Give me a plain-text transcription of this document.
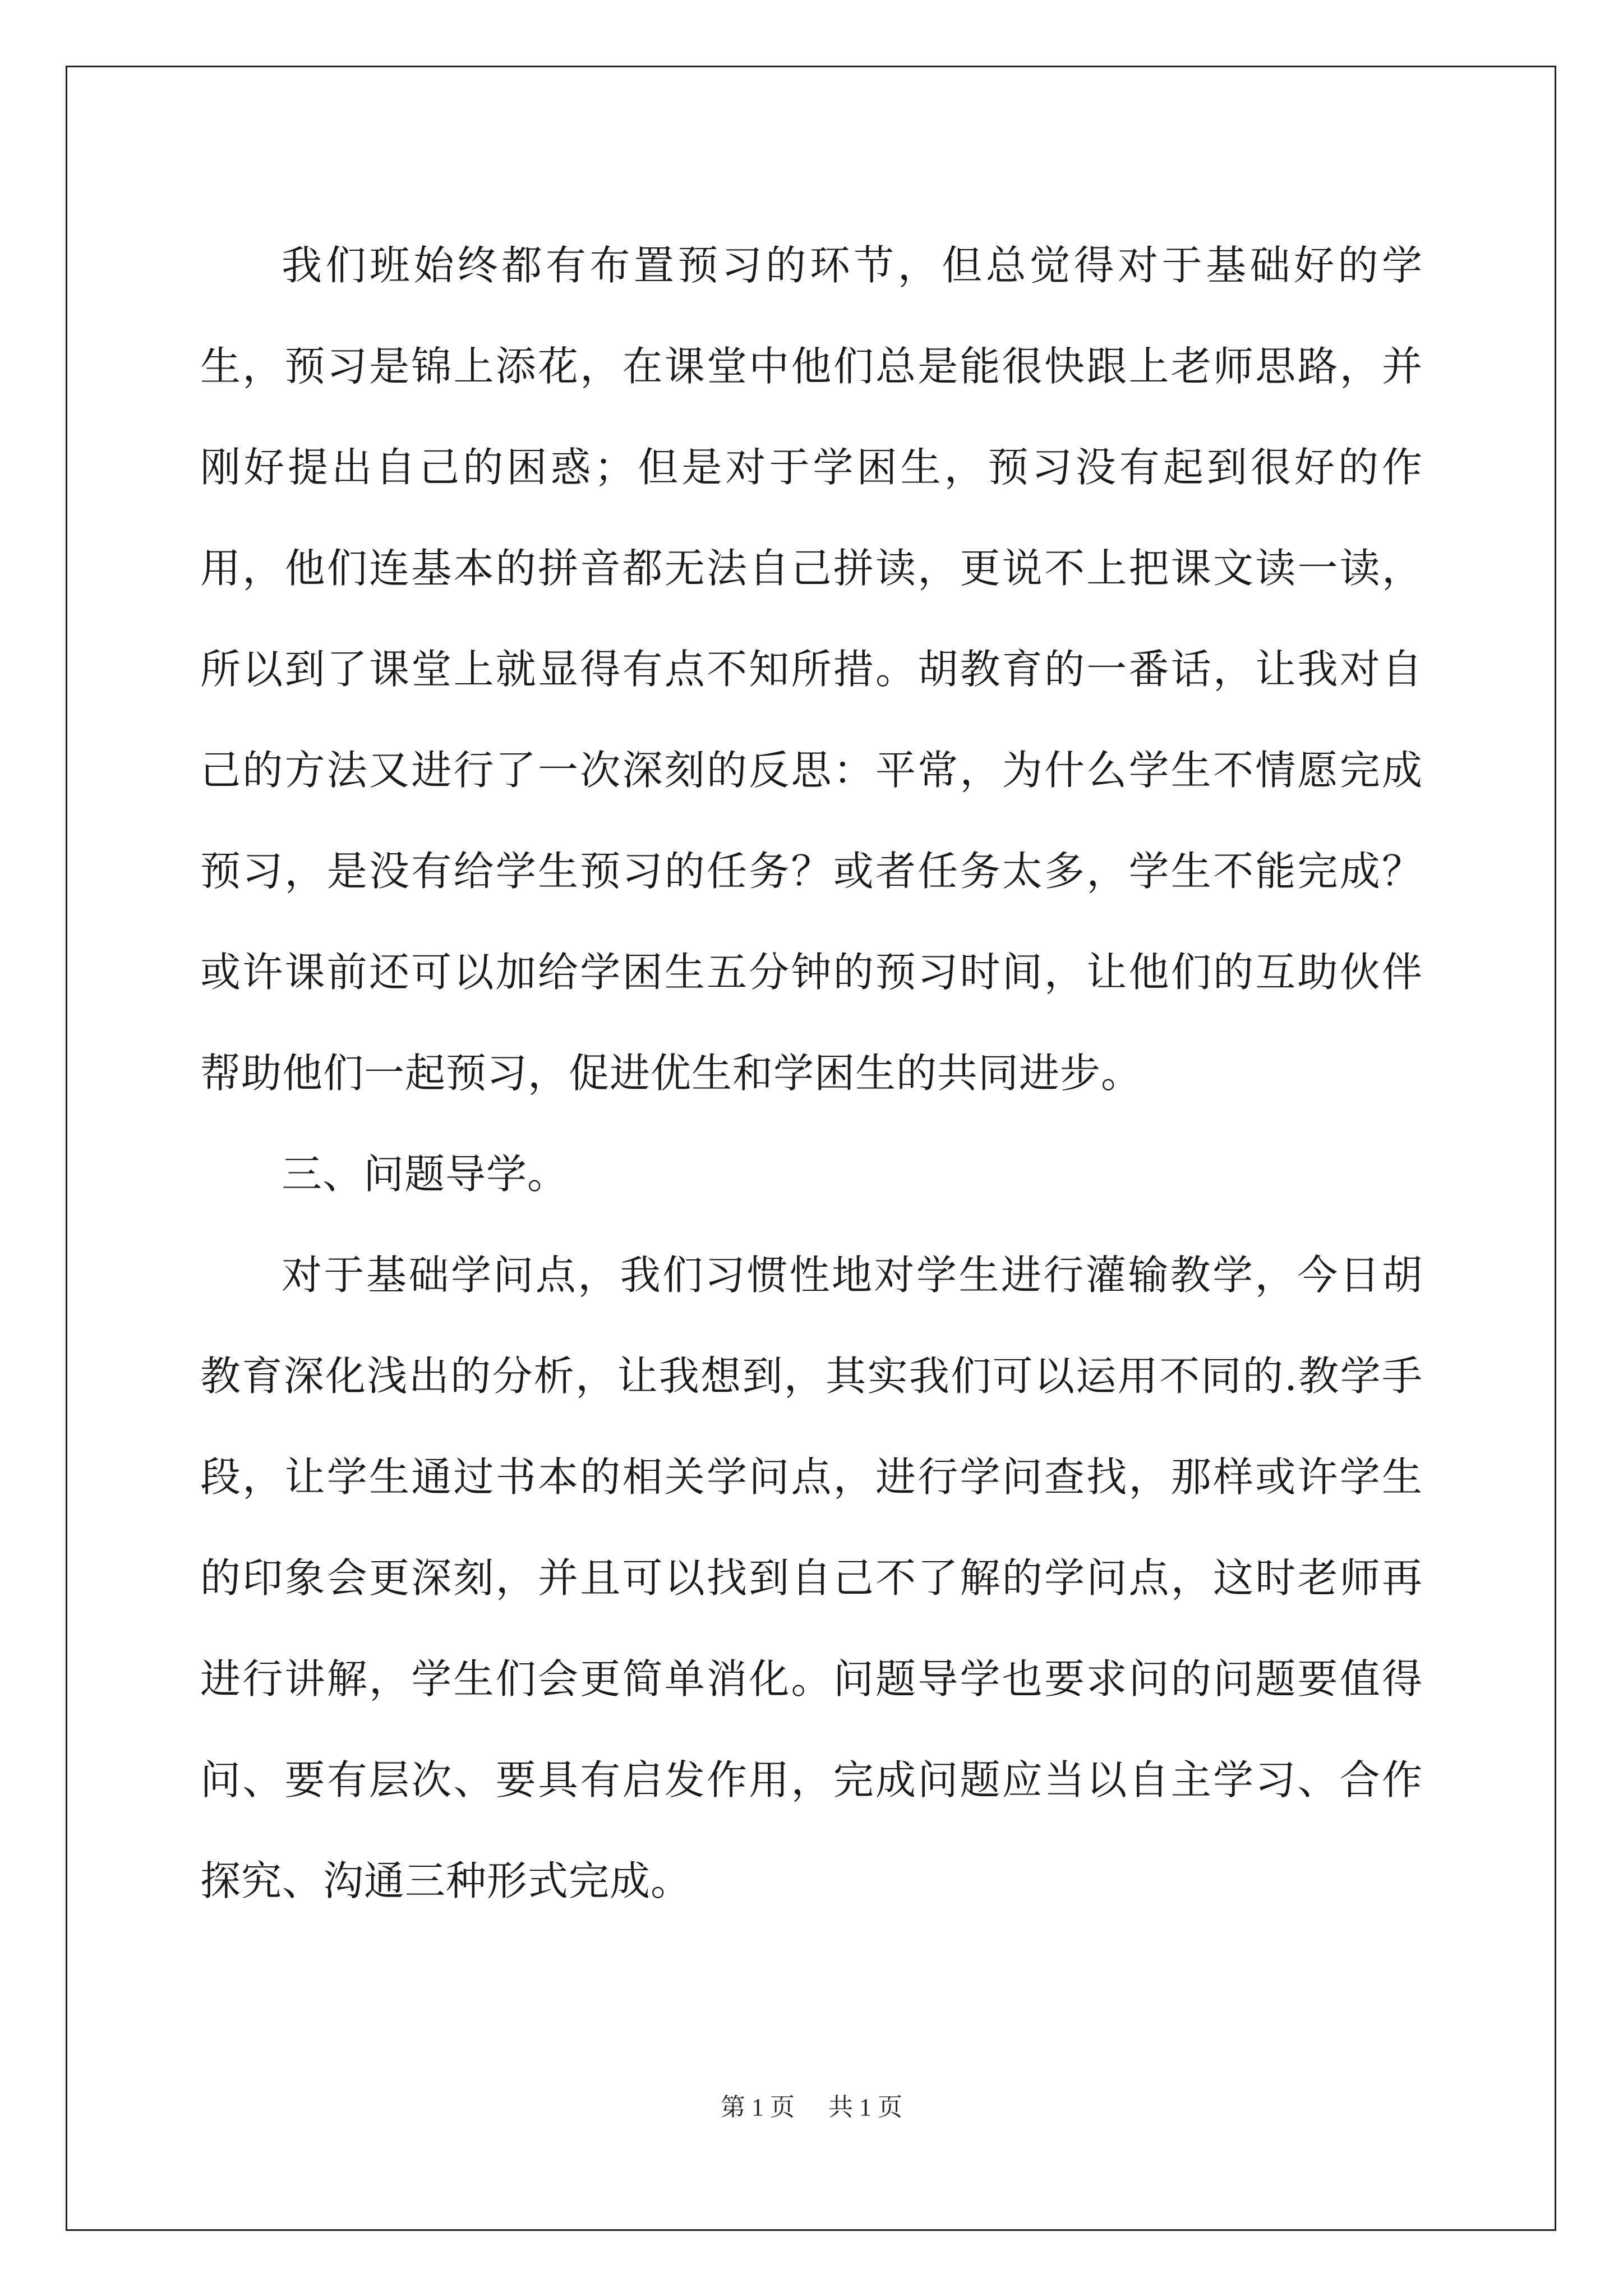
我们班始终都有布置预习的环节，但总觉得对于基础好的学生，预习是锦上添花，在课堂中他们总是能很快跟上老师思路，并刚好提出自己的困惑；但是对于学困生，预习没有起到很好的作用，他们连基本的拼音都无法自己拼读，更说不上把课文读一读，所以到了课堂上就显得有点不知所措。胡教育的一番话，让我对自己的方法又进行了一次深刻的反思：平常，为什么学生不情愿完成预习，是没有给学生预习的任务？或者任务太多，学生不能完成？或许课前还可以加给学困生五分钟的预习时间，让他们的互助伙伴帮助他们一起预习，促进优生和学困生的共同进步。

三、问题导学。

对于基础学问点，我们习惯性地对学生进行灌输教学，今日胡教育深化浅出的分析，让我想到，其实我们可以运用不同的.教学手段，让学生通过书本的相关学问点，进行学问查找，那样或许学生的印象会更深刻，并且可以找到自己不了解的学问点，这时老师再进行讲解，学生们会更简单消化。问题导学也要求问的问题要值得问、要有层次、要具有启发作用，完成问题应当以自主学习、合作探究、沟通三种形式完成。

第 1 页 共 1 页
